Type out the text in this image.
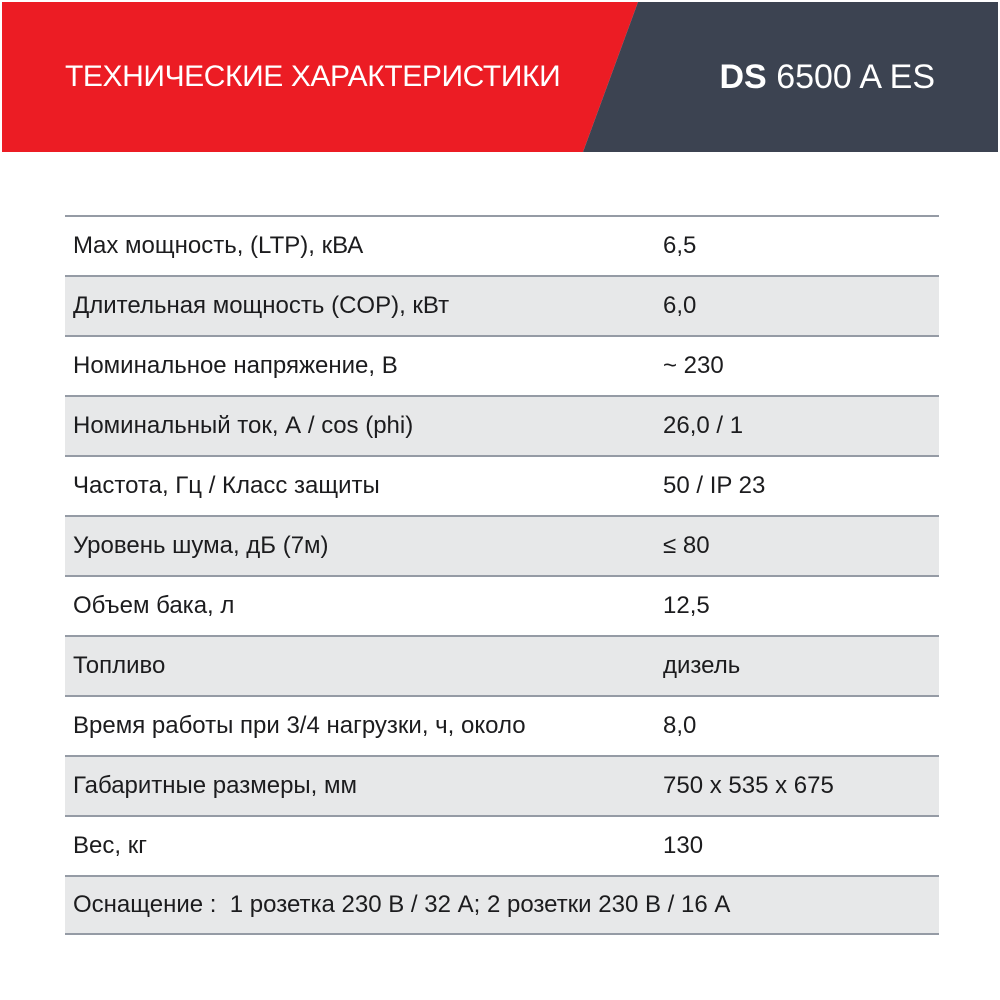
ТЕХНИЧЕСКИЕ ХАРАКТЕРИСТИКИ	DS 6500 A ES
Max мощность, (LTP), кВА	6,5
Длительная мощность (COP), кВт	6,0
Номинальное напряжение, В	~ 230
Номинальный ток, А / cos (phi)	26,0 / 1
Частота, Гц / Класс защиты	50 / IP 23
Уровень шума, дБ (7м)	≤ 80
Объем бака, л	12,5
Топливо	дизель
Время работы при 3/4 нагрузки, ч, около	8,0
Габаритные размеры, мм	750 x 535 x 675
Вес, кг	130
Оснащение :  1 розетка 230 В / 32 А; 2 розетки 230 В / 16 А
